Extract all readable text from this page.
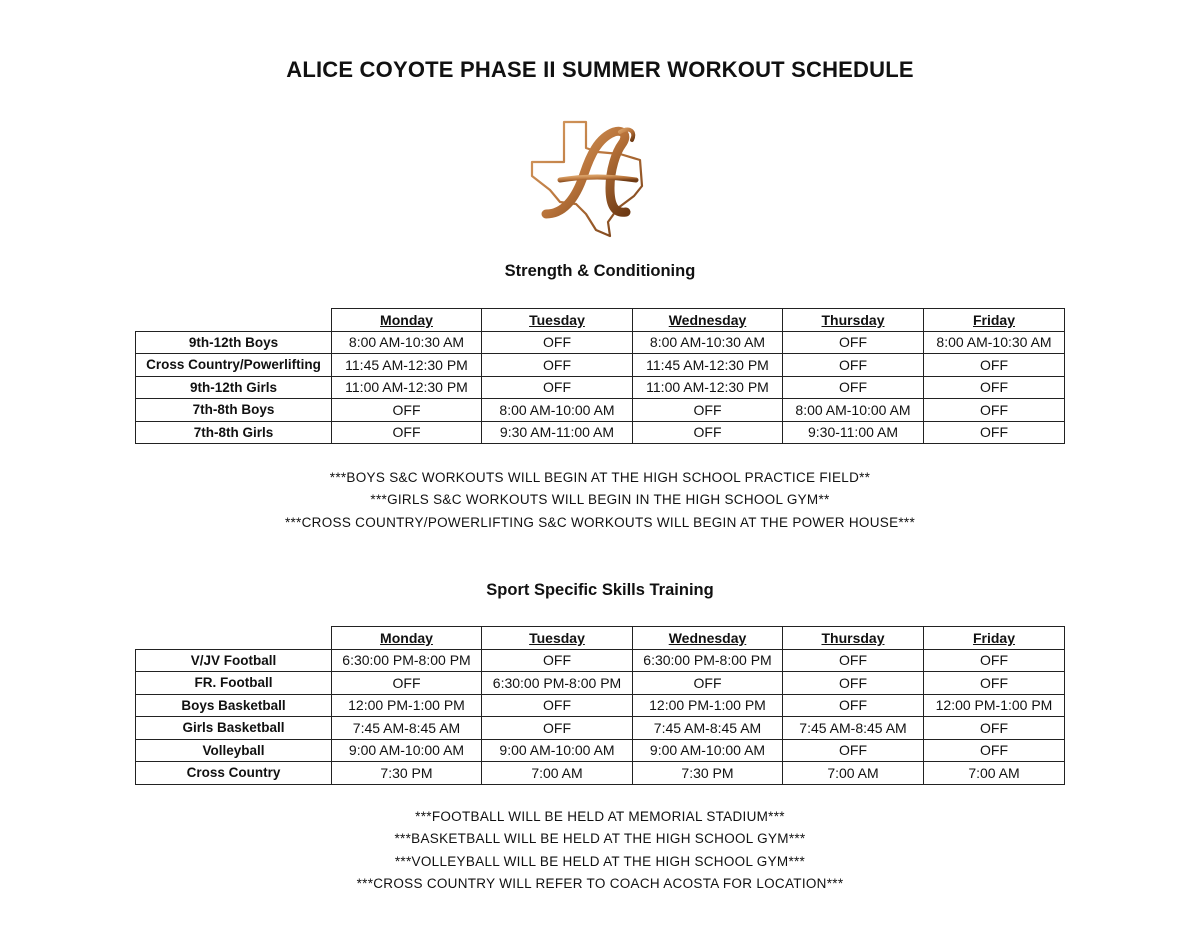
ALICE COYOTE PHASE II SUMMER WORKOUT SCHEDULE
Strength & Conditioning
	Monday	Tuesday	Wednesday	Thursday	Friday
9th-12th Boys	8:00 AM-10:30 AM	OFF	8:00 AM-10:30 AM	OFF	8:00 AM-10:30 AM
Cross Country/Powerlifting	11:45 AM-12:30 PM	OFF	11:45 AM-12:30 PM	OFF	OFF
9th-12th Girls	11:00 AM-12:30 PM	OFF	11:00 AM-12:30 PM	OFF	OFF
7th-8th Boys	OFF	8:00 AM-10:00 AM	OFF	8:00 AM-10:00 AM	OFF
7th-8th Girls	OFF	9:30 AM-11:00 AM	OFF	9:30-11:00 AM	OFF
***BOYS S&C WORKOUTS WILL BEGIN AT THE HIGH SCHOOL PRACTICE FIELD**
***GIRLS S&C WORKOUTS WILL BEGIN IN THE HIGH SCHOOL GYM**
***CROSS COUNTRY/POWERLIFTING S&C WORKOUTS WILL BEGIN AT THE POWER HOUSE***
Sport Specific Skills Training
	Monday	Tuesday	Wednesday	Thursday	Friday
V/JV Football	6:30:00 PM-8:00 PM	OFF	6:30:00 PM-8:00 PM	OFF	OFF
FR. Football	OFF	6:30:00 PM-8:00 PM	OFF	OFF	OFF
Boys Basketball	12:00 PM-1:00 PM	OFF	12:00 PM-1:00 PM	OFF	12:00 PM-1:00 PM
Girls Basketball	7:45 AM-8:45 AM	OFF	7:45 AM-8:45 AM	7:45 AM-8:45 AM	OFF
Volleyball	9:00 AM-10:00 AM	9:00 AM-10:00 AM	9:00 AM-10:00 AM	OFF	OFF
Cross Country	7:30 PM	7:00 AM	7:30 PM	7:00 AM	7:00 AM
***FOOTBALL WILL BE HELD AT MEMORIAL STADIUM***
***BASKETBALL WILL BE HELD AT THE HIGH SCHOOL GYM***
***VOLLEYBALL WILL BE HELD AT THE HIGH SCHOOL GYM***
***CROSS COUNTRY WILL REFER TO COACH ACOSTA FOR LOCATION***
